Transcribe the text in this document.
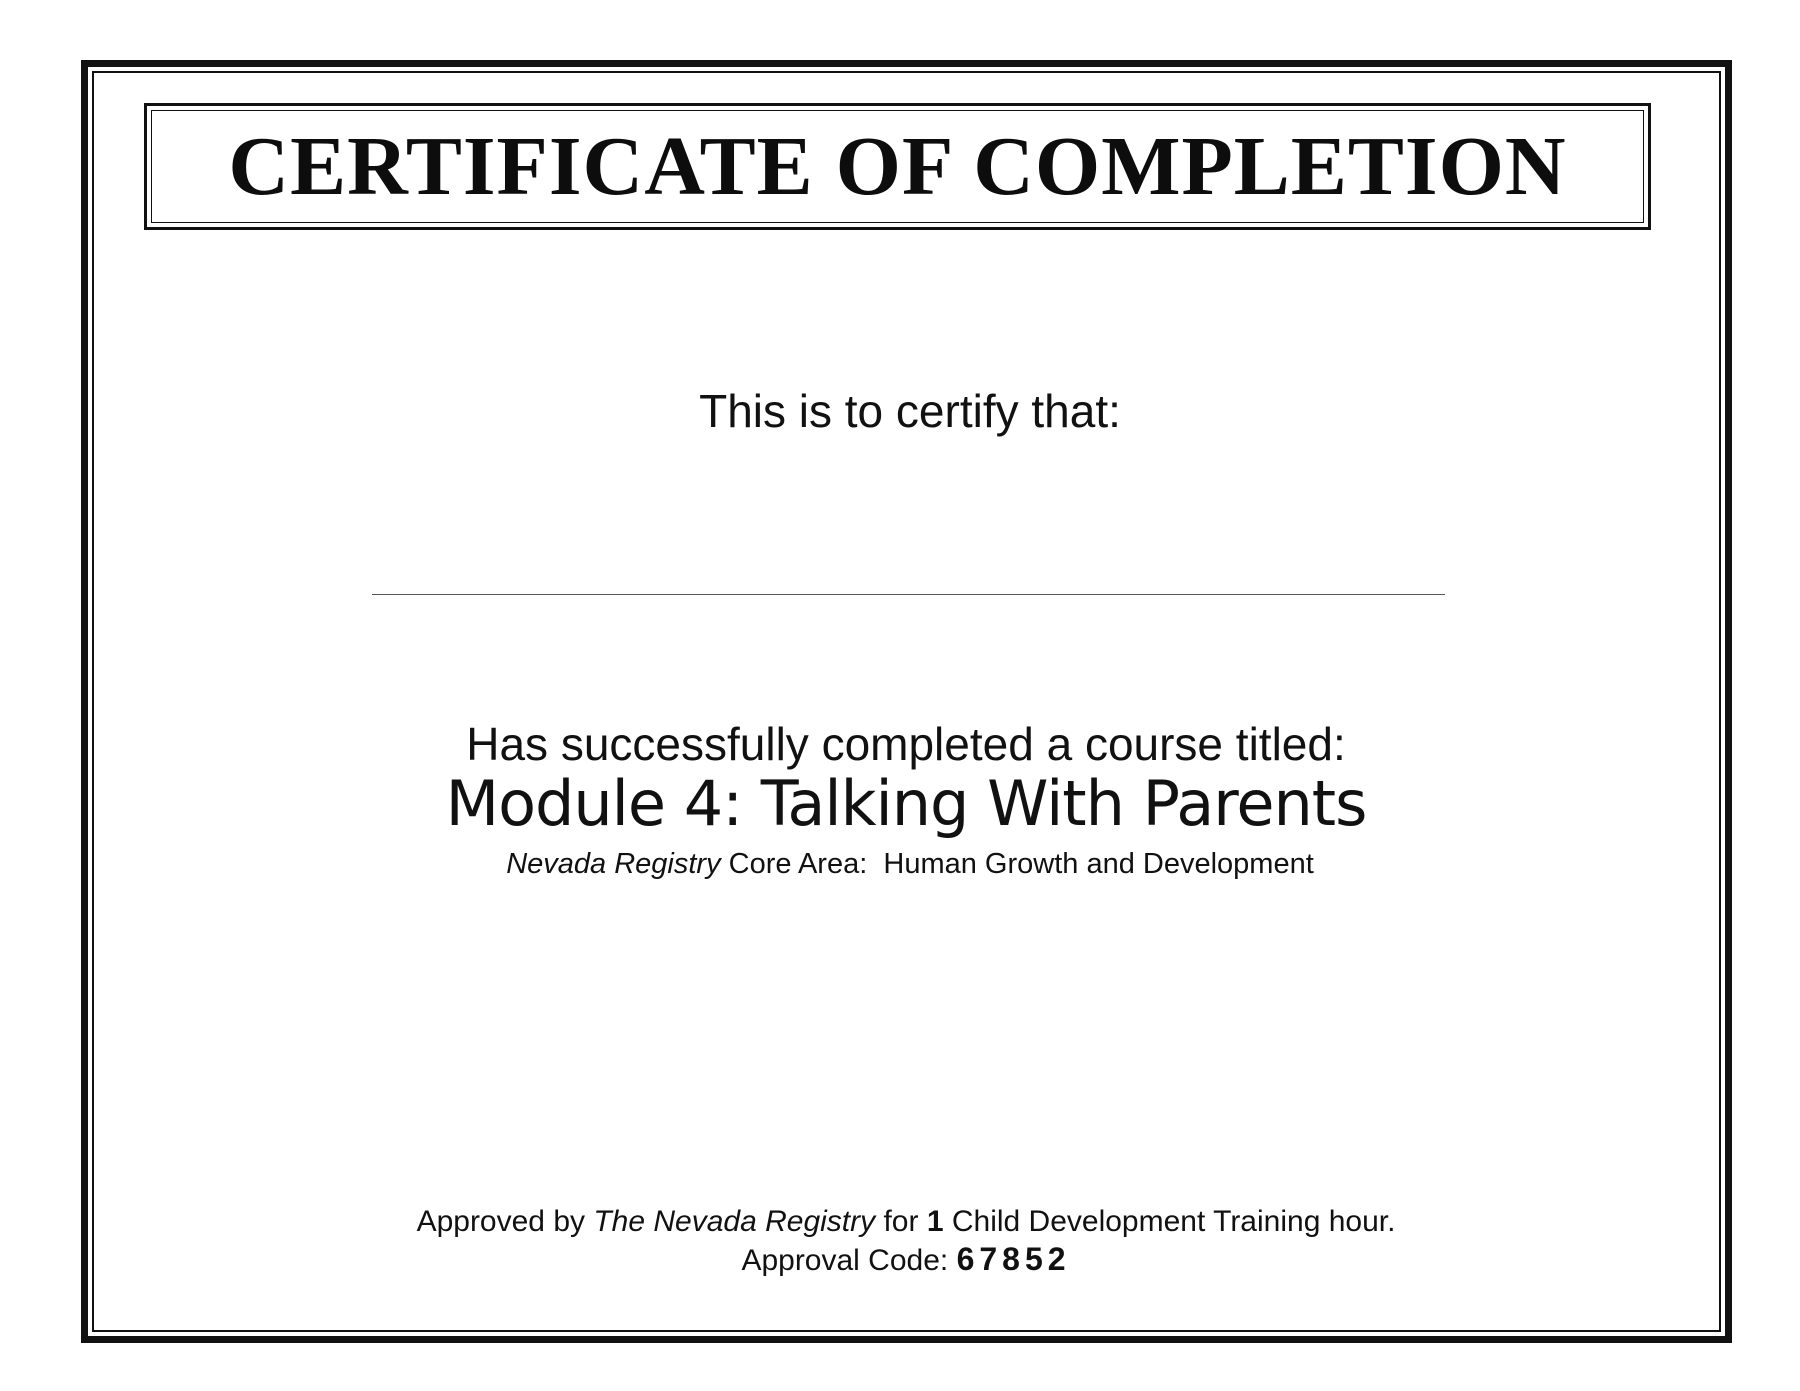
CERTIFICATE OF COMPLETION
This is to certify that:
Has successfully completed a course titled:
Module 4: Talking With Parents
Nevada Registry Core Area:  Human Growth and Development
Approved by The Nevada Registry for 1 Child Development Training hour.
Approval Code: 67852
